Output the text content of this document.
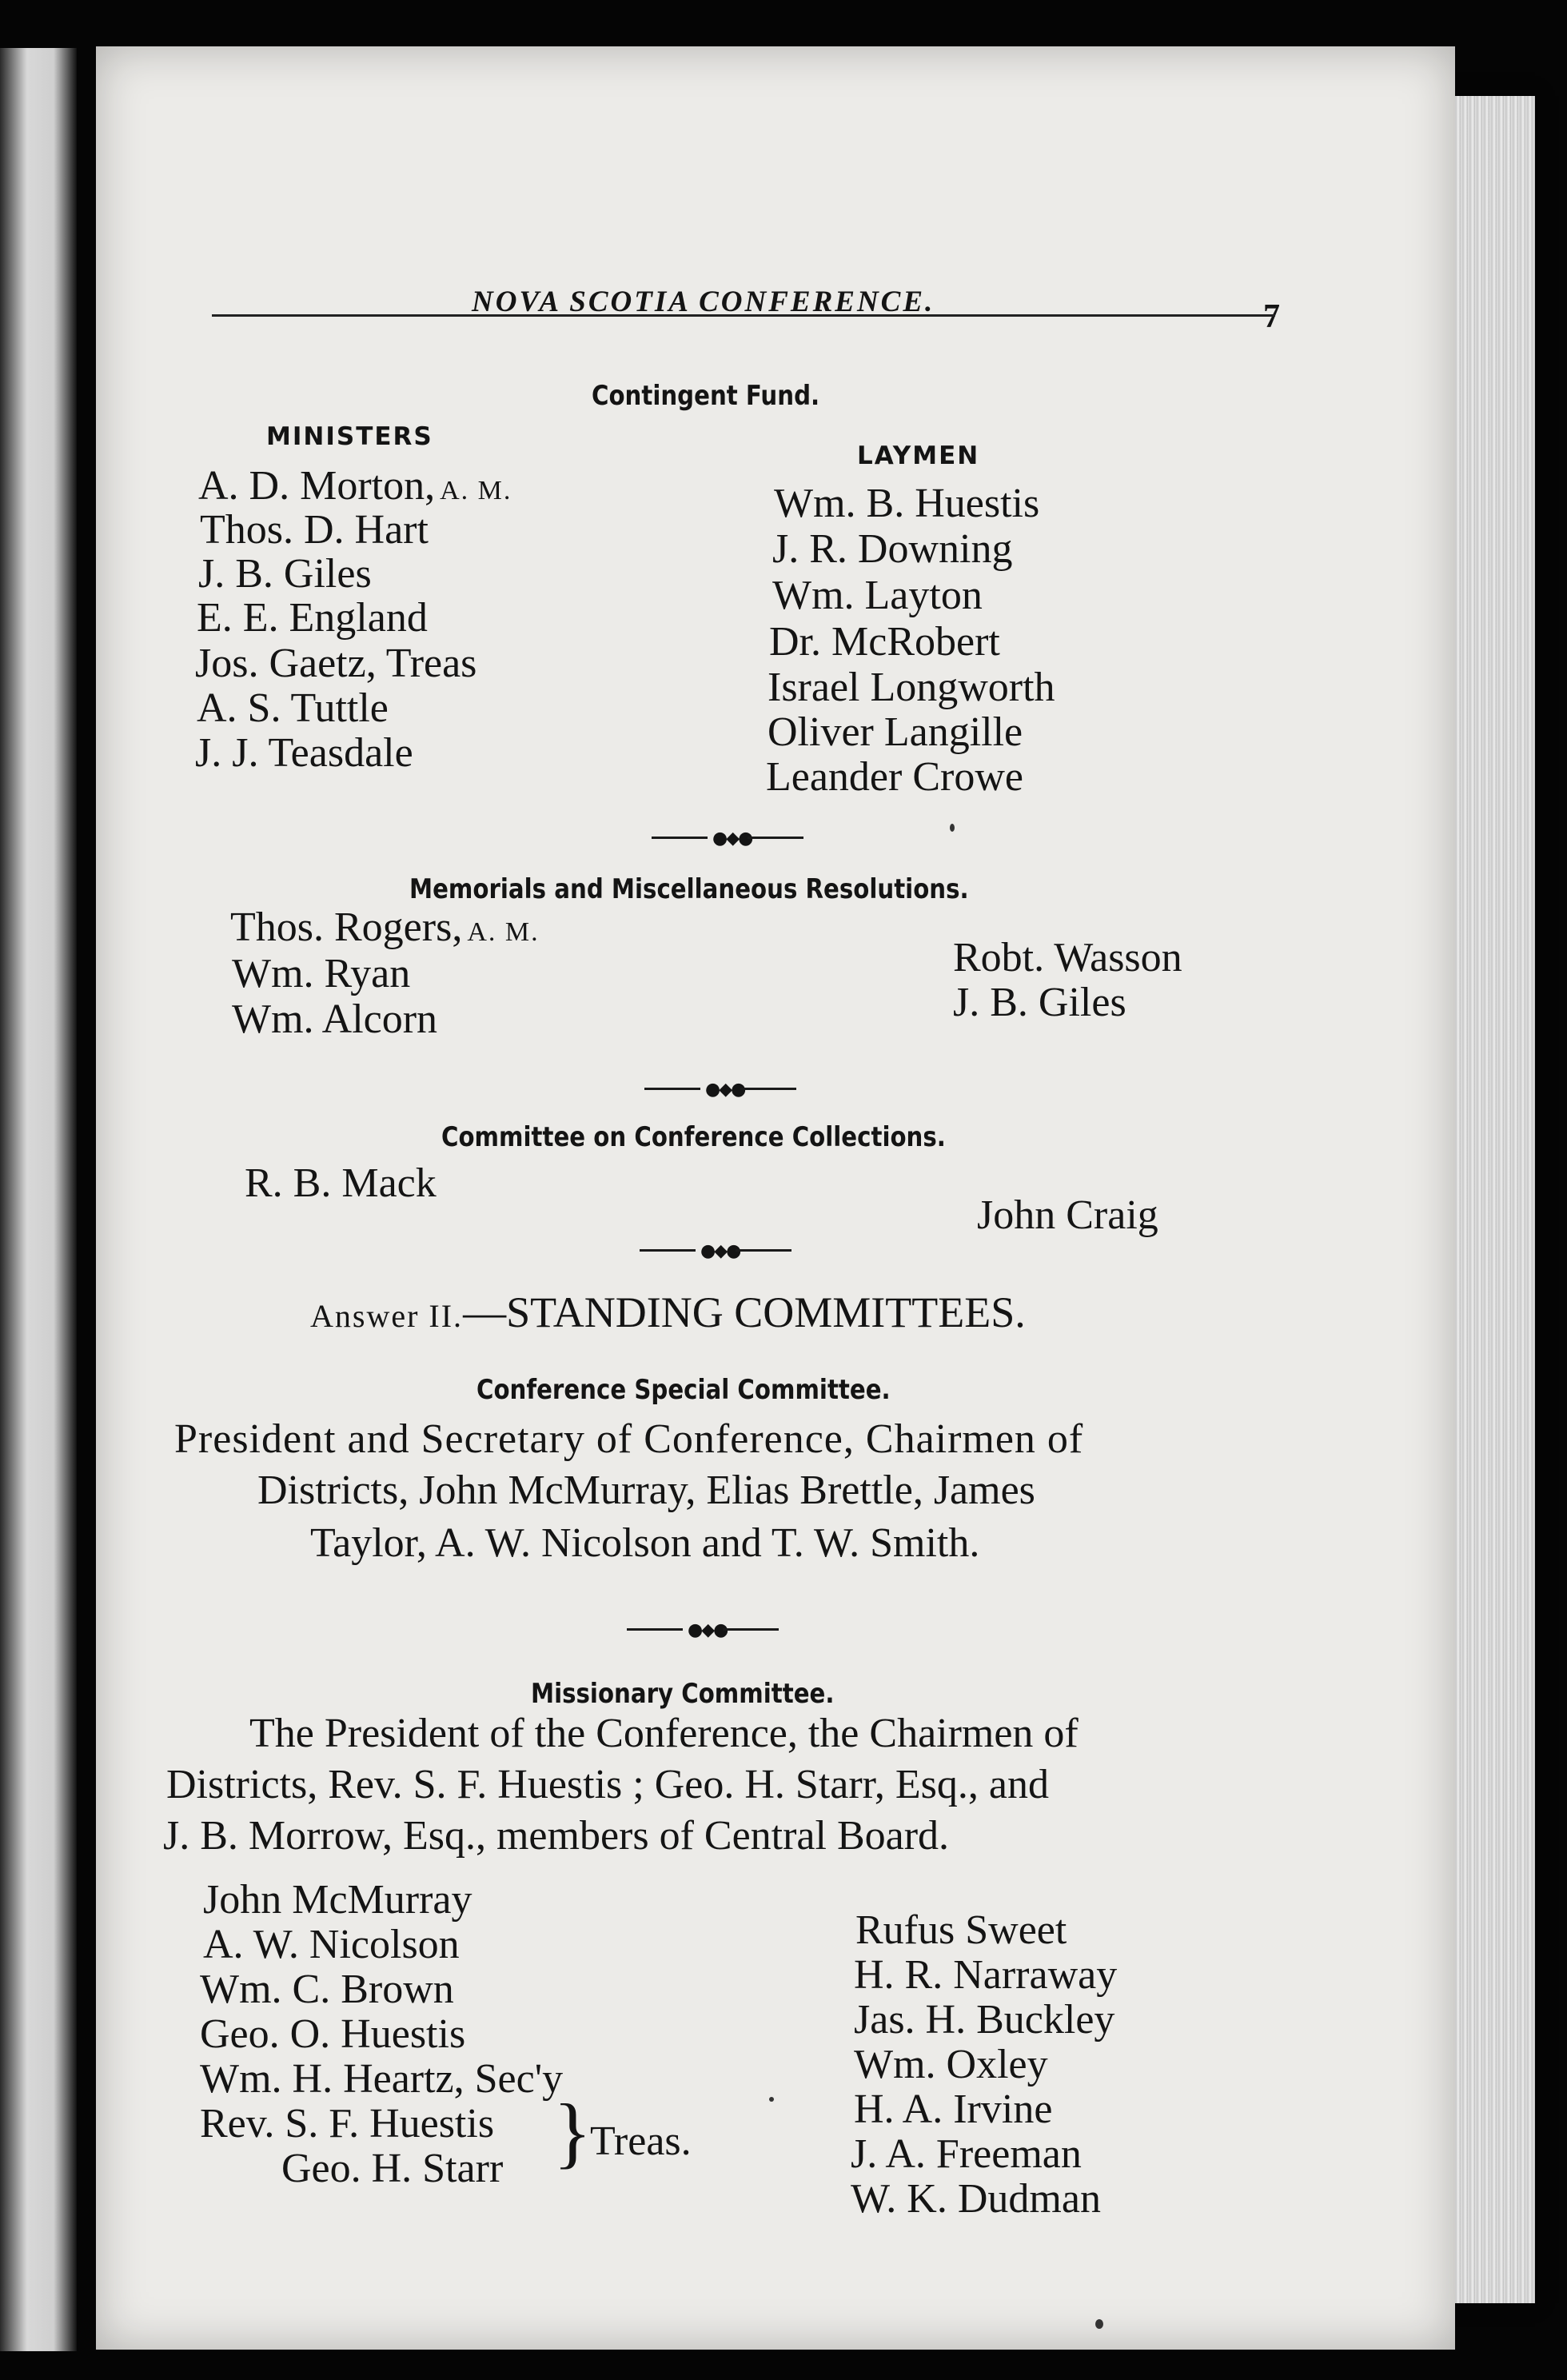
NOVA SCOTIA CONFERENCE.	7
Contingent Fund.
MINISTERS
LAYMEN
A. D. Morton, A. M.
Thos. D. Hart
J. B. Giles
E. E. England
Jos. Gaetz, Treas
A. S. Tuttle
J. J. Teasdale
Wm. B. Huestis
J. R. Downing
Wm. Layton
Dr. McRobert
Israel Longworth
Oliver Langille
Leander Crowe
●◆●
Memorials and Miscellaneous Resolutions.
Thos. Rogers, A. M.
Wm. Ryan
Wm. Alcorn
Robt. Wasson
J. B. Giles
●◆●
Committee on Conference Collections.
R. B. Mack
John Craig
●◆●
Answer II.—STANDING COMMITTEES.
Conference Special Committee.
President and Secretary of Conference, Chairmen of
Districts, John McMurray, Elias Brettle, James
Taylor, A. W. Nicolson and T. W. Smith.
●◆●
Missionary Committee.
The President of the Conference, the Chairmen of
Districts, Rev. S. F. Huestis ; Geo. H. Starr, Esq., and
J. B. Morrow, Esq., members of Central Board.
John McMurray
A. W. Nicolson
Wm. C. Brown
Geo. O. Huestis
Wm. H. Heartz, Sec'y
Rev. S. F. Huestis
Geo. H. Starr }
Treas.
Rufus Sweet
H. R. Narraway
Jas. H. Buckley
Wm. Oxley
H. A. Irvine
J. A. Freeman
W. K. Dudman
